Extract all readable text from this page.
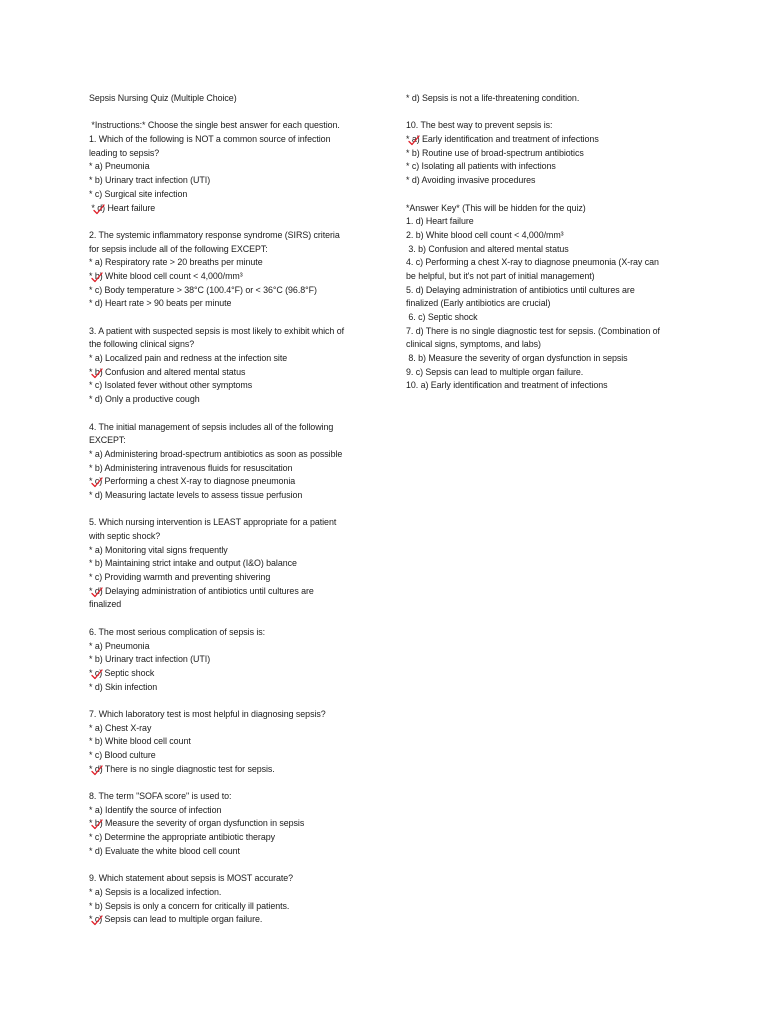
Sepsis Nursing Quiz (Multiple Choice)
*Instructions:* Choose the single best answer for each question.
1. Which of the following is NOT a common source of infection
leading to sepsis?
* a) Pneumonia
* b) Urinary tract infection (UTI)
* c) Surgical site infection
* d) Heart failure
2. The systemic inflammatory response syndrome (SIRS) criteria
for sepsis include all of the following EXCEPT:
* a) Respiratory rate > 20 breaths per minute
* b) White blood cell count < 4,000/mm³
* c) Body temperature > 38°C (100.4°F) or < 36°C (96.8°F)
* d) Heart rate > 90 beats per minute
3. A patient with suspected sepsis is most likely to exhibit which of
the following clinical signs?
* a) Localized pain and redness at the infection site
* b) Confusion and altered mental status
* c) Isolated fever without other symptoms
* d) Only a productive cough
4. The initial management of sepsis includes all of the following
EXCEPT:
* a) Administering broad-spectrum antibiotics as soon as possible
* b) Administering intravenous fluids for resuscitation
* c) Performing a chest X-ray to diagnose pneumonia
* d) Measuring lactate levels to assess tissue perfusion
5. Which nursing intervention is LEAST appropriate for a patient
with septic shock?
* a) Monitoring vital signs frequently
* b) Maintaining strict intake and output (I&O) balance
* c) Providing warmth and preventing shivering
* d) Delaying administration of antibiotics until cultures are
finalized
6. The most serious complication of sepsis is:
* a) Pneumonia
* b) Urinary tract infection (UTI)
* c) Septic shock
* d) Skin infection
7. Which laboratory test is most helpful in diagnosing sepsis?
* a) Chest X-ray
* b) White blood cell count
* c) Blood culture
* d) There is no single diagnostic test for sepsis.
8. The term "SOFA score" is used to:
* a) Identify the source of infection
* b) Measure the severity of organ dysfunction in sepsis
* c) Determine the appropriate antibiotic therapy
* d) Evaluate the white blood cell count
9. Which statement about sepsis is MOST accurate?
* a) Sepsis is a localized infection.
* b) Sepsis is only a concern for critically ill patients.
* c) Sepsis can lead to multiple organ failure.
* d) Sepsis is not a life-threatening condition.
10. The best way to prevent sepsis is:
* a) Early identification and treatment of infections
* b) Routine use of broad-spectrum antibiotics
* c) Isolating all patients with infections
* d) Avoiding invasive procedures
*Answer Key* (This will be hidden for the quiz)
1. d) Heart failure
2. b) White blood cell count < 4,000/mm³
3. b) Confusion and altered mental status
4. c) Performing a chest X-ray to diagnose pneumonia (X-ray can
be helpful, but it's not part of initial management)
5. d) Delaying administration of antibiotics until cultures are
finalized (Early antibiotics are crucial)
6. c) Septic shock
7. d) There is no single diagnostic test for sepsis. (Combination of
clinical signs, symptoms, and labs)
8. b) Measure the severity of organ dysfunction in sepsis
9. c) Sepsis can lead to multiple organ failure.
10. a) Early identification and treatment of infections
